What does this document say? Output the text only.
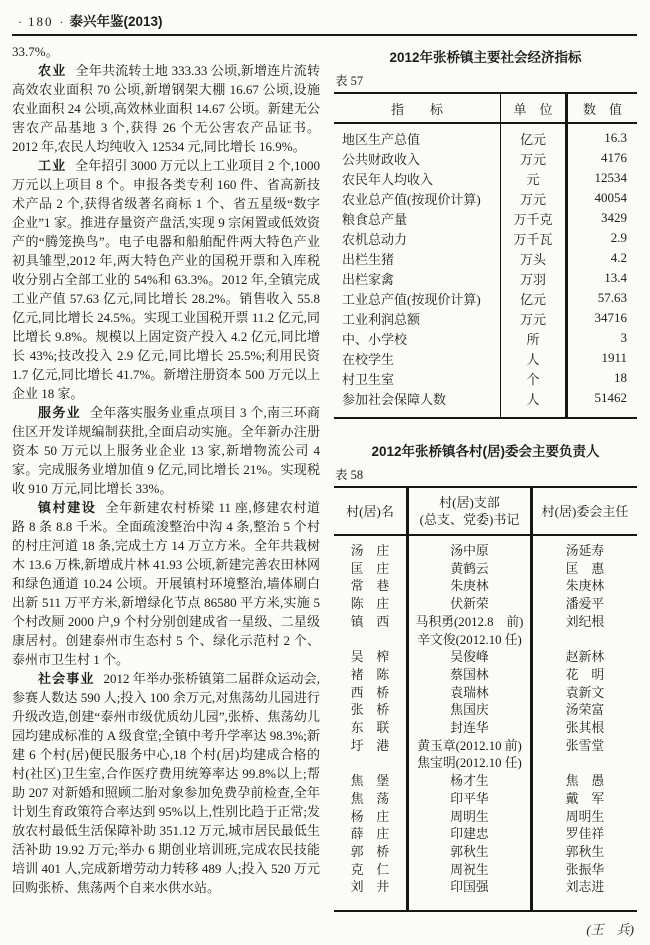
· 180 · 泰兴年鉴(2013)

33.7%。

农业 全年共流转土地 333.33 公顷,新增连片流转高效农业面积 70 公顷,新增钢架大棚 16.67 公顷,设施农业面积 24 公顷,高效林业面积 14.67 公顷。新建无公害农产品基地 3 个,获得 26 个无公害农产品证书。2012 年,农民人均纯收入 12534 元,同比增长 16.9%。

工业 全年招引 3000 万元以上工业项目 2 个,1000 万元以上项目 8 个。申报各类专利 160 件、省高新技术产品 2 个,获得省级著名商标 1 个、省五星级“数字企业”1 家。推进存量资产盘活,实现 9 宗闲置或低效资产的“腾笼换鸟”。电子电器和船舶配件两大特色产业初具雏型,2012 年,两大特色产业的国税开票和入库税收分别占全部工业的 54%和 63.3%。2012 年,全镇完成工业产值 57.63 亿元,同比增长 28.2%。销售收入 55.8 亿元,同比增长 24.5%。实现工业国税开票 11.2 亿元,同比增长 9.8%。规模以上固定资产投入 4.2 亿元,同比增长 43%;技改投入 2.9 亿元,同比增长 25.5%;利用民资 1.7 亿元,同比增长 41.7%。新增注册资本 500 万元以上企业 18 家。

服务业 全年落实服务业重点项目 3 个,南三环商住区开发详规编制获批,全面启动实施。全年新办注册资本 50 万元以上服务业企业 13 家,新增物流公司 4 家。完成服务业增加值 9 亿元,同比增长 21%。实现税收 910 万元,同比增长 33%。

镇村建设 全年新建农村桥梁 11 座,修建农村道路 8 条 8.8 千米。全面疏浚整治中沟 4 条,整治 5 个村的村庄河道 18 条,完成土方 14 万立方米。全年共栽树木 13.6 万株,新增成片林 41.93 公顷,新建完善农田林网和绿色通道 10.24 公顷。开展镇村环境整治,墙体刷白出新 511 万平方米,新增绿化节点 86580 平方米,实施 5 个村改厕 2000 户,9 个村分别创建成省一星级、二星级康居村。创建泰州市生态村 5 个、绿化示范村 2 个、泰州市卫生村 1 个。

社会事业 2012 年举办张桥镇第二届群众运动会,参赛人数达 590 人;投入 100 余万元,对焦荡幼儿园进行升级改造,创建“泰州市级优质幼儿园”,张桥、焦荡幼儿园均建成标准的 A 级食堂;全镇中考升学率达 98.3%;新建 6 个村(居)便民服务中心,18 个村(居)均建成合格的村(社区)卫生室,合作医疗费用统筹率达 99.8%以上;帮助 207 对新婚和照顾二胎对象参加免费孕前检查,全年计划生育政策符合率达到 95%以上,性别比趋于正常;发放农村最低生活保障补助 351.12 万元,城市居民最低生活补助 19.92 万元;举办 6 期创业培训班,完成农民技能培训 401 人,完成新增劳动力转移 489 人;投入 520 万元回购张桥、焦荡两个自来水供水站。

2012年张桥镇主要社会经济指标
表 57
指　　标	单　位	数　值

地区生产总值	亿元	16.3

公共财政收入	万元	4176

农民年人均收入	元	12534

农业总产值(按现价计算)	万元	40054

粮食总产量	万千克	3429

农机总动力	万千瓦	2.9

出栏生猪	万头	4.2

出栏家禽	万羽	13.4

工业总产值(按现价计算)	亿元	57.63

工业利润总额	万元	34716

中、小学校	所	3

在校学生	人	1911

村卫生室	个	18

参加社会保障人数	人	51462
2012年张桥镇各村(居)委会主要负责人
表 58
村(居)名	村(居)支部
(总支、党委)书记	村(居)委会主任

汤　庄	汤中原	汤延寿

匡　庄	黄鹤云	匡　惠

常　巷	朱庚林	朱庚林

陈　庄	伏新荣	潘爱平

镇　西	马积勇(2012.8　前)
辛文俊(2012.10 任)	刘纪根

吴　榨	吴俊峰	赵新林

褚　陈	蔡国林	花　明

西　桥	袁瑞林	袁新文

张　桥	焦国庆	汤荣富

东　联	封连华	张其根

圩　港	黄玉章(2012.10 前)
焦宝明(2012.10 任)	张雪堂

焦　堡	杨才生	焦　愚

焦　荡	印平华	戴　军

杨　庄	周明生	周明生

薛　庄	印建忠	罗佳祥

郭　桥	郭秋生	郭秋生

克　仁	周祝生	张振华

刘　井	印国强	刘志进
(王　兵)
